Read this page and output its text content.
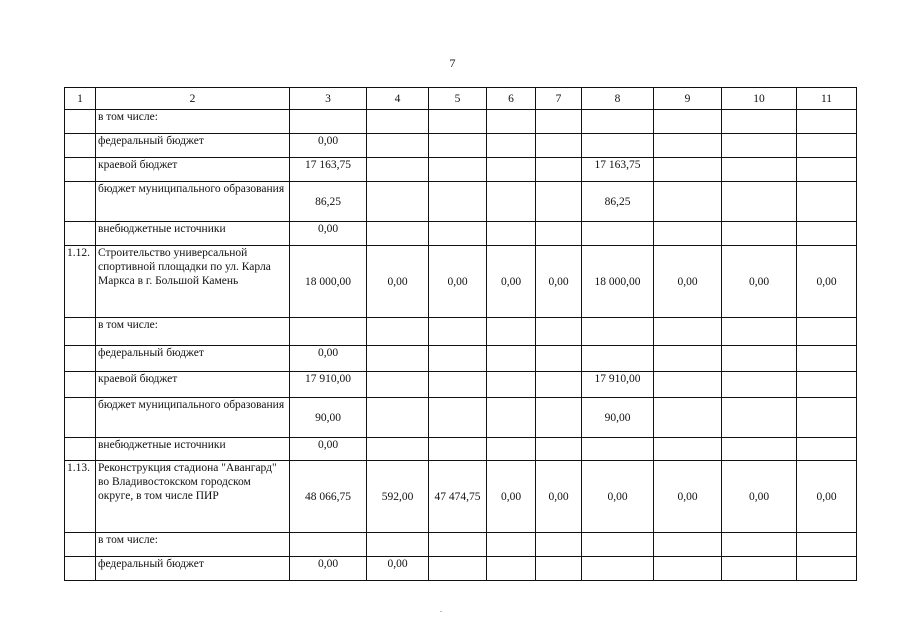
7
1	2	3	4	5	6	7	8	9	10	11
	в том числе:									
	федеральный бюджет	0,00								
	краевой бюджет	17 163,75					17 163,75			
	бюджет муниципального образования	86,25					86,25			
	внебюджетные источники	0,00								
1.12.	Строительство универсальной спортивной площадки по ул. Карла Маркса в г. Большой Камень	18 000,00	0,00	0,00	0,00	0,00	18 000,00	0,00	0,00	0,00
	в том числе:									
	федеральный бюджет	0,00								
	краевой бюджет	17 910,00					17 910,00			
	бюджет муниципального образования	90,00					90,00			
	внебюджетные источники	0,00								
1.13.	Реконструкция стадиона "Авангард" во Владивостокском городском округе, в том числе ПИР	48 066,75	592,00	47 474,75	0,00	0,00	0,00	0,00	0,00	0,00
	в том числе:									
	федеральный бюджет	0,00	0,00							
